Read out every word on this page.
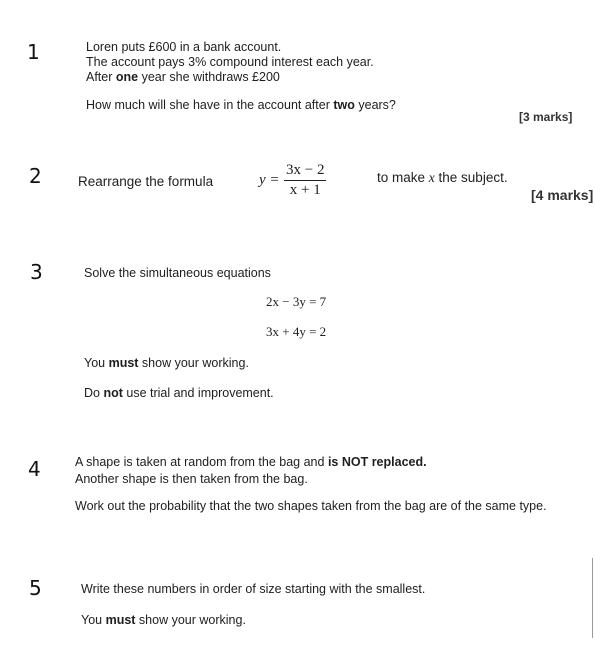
1	Loren puts £600 in a bank account.
The account pays 3% compound interest each year.
After one year she withdraws £200
How much will she have in the account after two years?
[3 marks]
2	Rearrange the formula	$y = \frac{3x - 2}{x + 1}$	to make x the subject.
[4 marks]
3	Solve the simultaneous equations
2x − 3y = 7
3x + 4y = 2
You must show your working.
Do not use trial and improvement.
4	A shape is taken at random from the bag and is NOT replaced.
Another shape is then taken from the bag.
Work out the probability that the two shapes taken from the bag are of the same type.
5	Write these numbers in order of size starting with the smallest.
You must show your working.
